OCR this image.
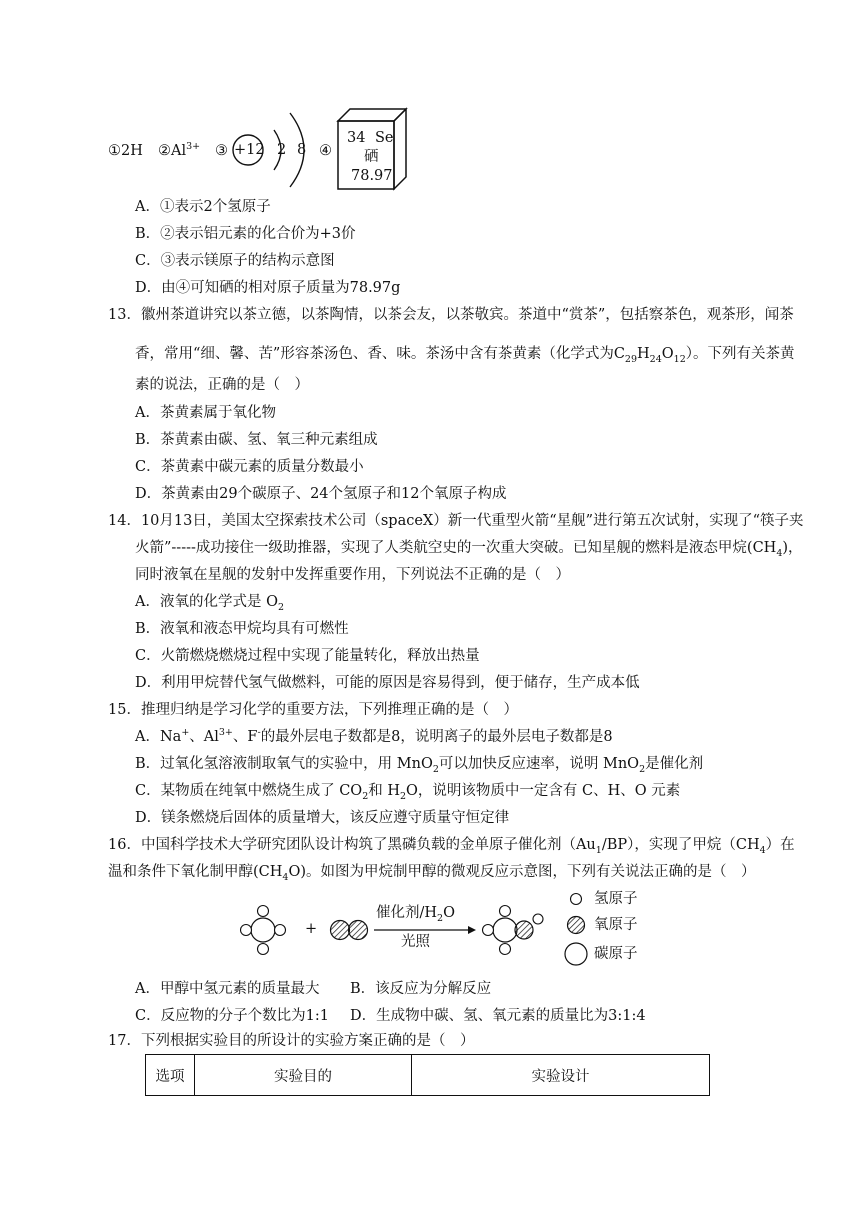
①2H $②Al^{3+}$ ③ +12 2 8 ④
34 Se
硒
78.97
A．①表示2个氢原子
B．②表示铝元素的化合价为+3价
C．③表示镁原子的结构示意图
D．由④可知硒的相对原子质量为78.97g
13．徽州茶道讲究以茶立德，以茶陶情，以茶会友，以茶敬宾。茶道中“赏茶”，包括察茶色，观茶形，闻茶
香，常用“细、馨、苦”形容茶汤色、香、味。茶汤中含有茶黄素（化学式为$C_{29}H_{24}O_{12}$）。下列有关茶黄
素的说法，正确的是（　）
A．茶黄素属于氧化物
B．茶黄素由碳、氢、氧三种元素组成
C．茶黄素中碳元素的质量分数最小
D．茶黄素由29个碳原子、24个氢原子和12个氧原子构成
14．10月13日，美国太空探索技术公司（spaceX）新一代重型火箭“星舰”进行第五次试射，实现了“筷子夹
火箭”-----成功接住一级助推器，实现了人类航空史的一次重大突破。已知星舰的燃料是液态甲烷$(CH_4)$，
同时液氧在星舰的发射中发挥重要作用，下列说法不正确的是（　）
A．液氧的化学式是 $O_2$
B．液氧和液态甲烷均具有可燃性
C．火箭燃烧燃烧过程中实现了能量转化，释放出热量
D．利用甲烷替代氢气做燃料，可能的原因是容易得到，便于储存，生产成本低
15．推理归纳是学习化学的重要方法，下列推理正确的是（　）
A．Na+、$Al^{3+}$、F-的最外层电子数都是8，说明离子的最外层电子数都是8
B．过氧化氢溶液制取氧气的实验中，用 MnO$_2$可以加快反应速率，说明 MnO$_2$是催化剂
C．某物质在纯氧中燃烧生成了 $CO_2$和 $H_2O$，说明该物质中一定含有 C、H、O 元素
D．镁条燃烧后固体的质量增大，该反应遵守质量守恒定律
16．中国科学技术大学研究团队设计构筑了黑磷负载的金单原子催化剂$(Au_1/BP)$，实现了甲烷$(CH_4)$在
温和条件下氧化制甲醇$(CH_4O)$。如图为甲烷制甲醇的微观反应示意图，下列有关说法正确的是（　）
+
催化剂$/H_2O$
光照
氢原子
氧原子
碳原子
A．甲醇中氢元素的质量最大 B．该反应为分解反应
C．反应物的分子个数比为1:1 D．生成物中碳、氢、氧元素的质量比为3:1:4
17．下列根据实验目的所设计的实验方案正确的是（　）
选项	实验目的	实验设计
